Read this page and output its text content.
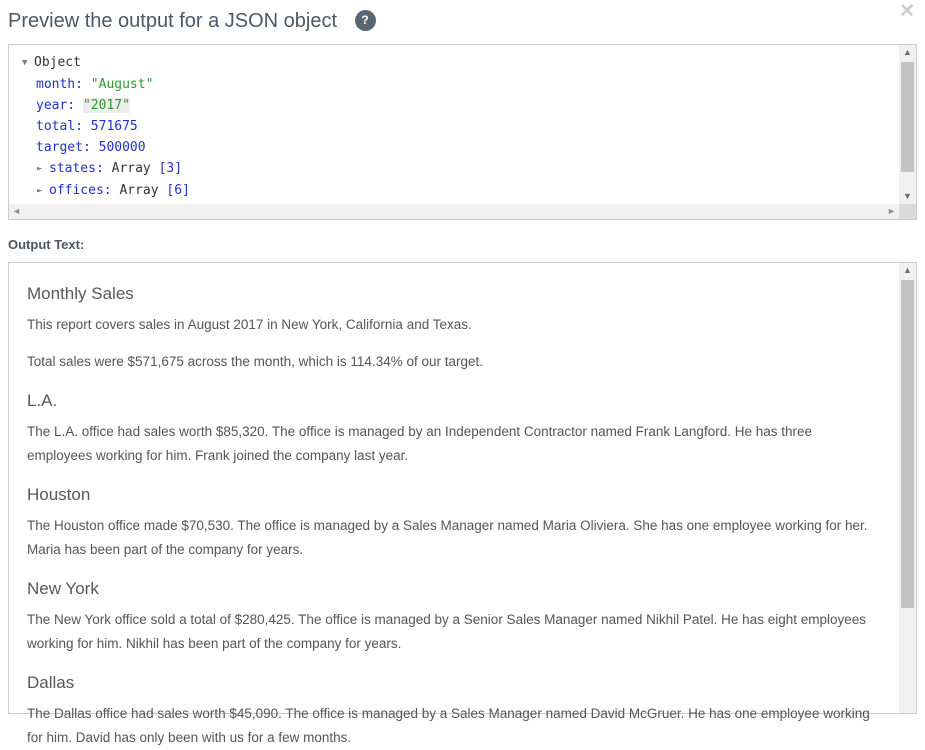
Preview the output for a JSON object ?	✕
▼ Object
month: "August"
year: "2017"
total: 571675
target: 500000
► states: Array [3]
► offices: Array [6]
▲
▼
◄	►
Output Text:
Monthly Sales

This report covers sales in August 2017 in New York, California and Texas.

Total sales were $571,675 across the month, which is 114.34% of our target.

L.A.

The L.A. office had sales worth $85,320. The office is managed by an Independent Contractor named Frank Langford. He has three employees working for him. Frank joined the company last year.

Houston

The Houston office made $70,530. The office is managed by a Sales Manager named Maria Oliviera. She has one employee working for her. Maria has been part of the company for years.

New York

The New York office sold a total of $280,425. The office is managed by a Senior Sales Manager named Nikhil Patel. He has eight employees working for him. Nikhil has been part of the company for years.

Dallas

The Dallas office had sales worth $45,090. The office is managed by a Sales Manager named David McGruer. He has one employee working for him. David has only been with us for a few months.

▲
